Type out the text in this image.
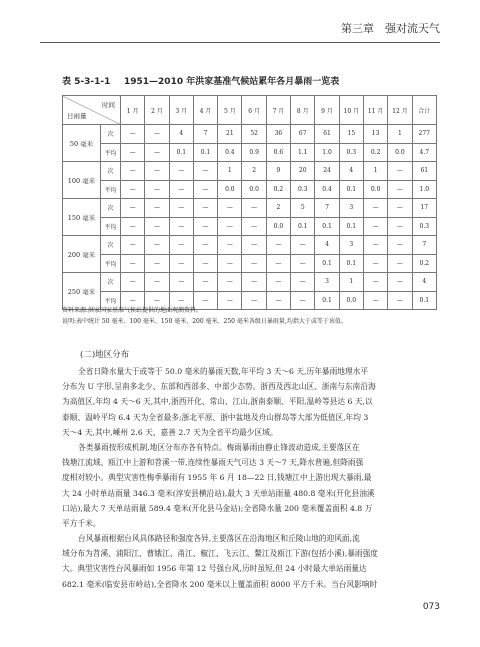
第三章　强对流天气
表 5-3-1-1 1951—2010 年洪家基准气候站累年各月暴雨一览表
时间
日雨量		1 月	2 月	3 月	4 月	5 月	6 月	7 月	8 月	9 月	10 月	11 月	12 月	合计
50 毫米	次	—	—	4	7	21	52	36	67	61	15	13	1	277
	平均	—	—	0.1	0.1	0.4	0.9	0.6	1.1	1.0	0.3	0.2	0.0	4.7
100 毫米	次	—	—	—	—	1	2	9	20	24	4	1	—	61
	平均	—	—	—	—	0.0	0.0	0.2	0.3	0.4	0.1	0.0	—	1.0
150 毫米	次	—	—	—	—	—	—	2	5	7	3	—	—	17
	平均	—	—	—	—	—	—	0.0	0.1	0.1	0.1	—	—	0.3
200 毫米	次	—	—	—	—	—	—	—	—	4	3	—	—	7
	平均	—	—	—	—	—	—	—	—	0.1	0.1	—	—	0.2
250 毫米	次	—	—	—	—	—	—	—	—	3	1	—	—	4
	平均	—	—	—	—	—	—	—	—	0.1	0.0	—	—	0.1
资料来源:洪家国家基准气候站提供的地面观测资料。
说明:表中统计 50 毫米、100 毫米、150 毫米、200 毫米、250 毫米各级日暴雨量,均指大于或等于该值。
(二)地区分布
全省日降水量大于或等于 50.0 毫米的暴雨天数,年平均 3 天～6 天,历年暴雨地理水平
分布为 U 字形,呈南多北少、东部和西部多、中部少态势。浙西及西北山区、浙南与东南沿海
为高值区,年均 4 天～6 天,其中,浙西开化、常山、江山,浙南泰顺、平阳,温岭等县达 6 天,以
泰顺、温岭平均 6.4 天为全省最多;浙北平原、浙中盆地及舟山群岛等大部为低值区,年均 3
天～4 天,其中,嵊州 2.6 天、嘉善 2.7 天为全省平均最少区域。
各类暴雨按形成机制,地区分布亦各有特点。梅雨暴雨由静止锋波动造成,主要落区在
钱塘江流域、瓯江中上游和苕溪一带,连续性暴雨天气可达 3 天～7 天,降水普遍,但降雨强
度相对较小。典型灾害性梅季暴雨有 1955 年 6 月 18—22 日,钱塘江中上游出现大暴雨,最
大 24 小时单站雨量 346.3 毫米(淳安县横沿站),最大 3 天单站雨量 480.8 毫米(开化县油溪
口站),最大 7 天单站雨量 589.4 毫米(开化县马金站);全省降水量 200 毫米覆盖面积 4.8 万
平方千米。
台风暴雨根据台风具体路径和强度各异,主要落区在沿海地区和丘陵山地的迎风面,流
域分布为苕溪、浦阳江、曹娥江、甬江、椒江、飞云江、鳌江及瓯江下游(包括小溪),暴雨强度
大。典型灾害性台风暴雨如 1956 年第 12 号强台风,历时虽短,但 24 小时最大单站雨量达
682.1 毫米(临安县市岭站),全省降水 200 毫米以上覆盖面积 8000 平方千米。当台风影响时
073
